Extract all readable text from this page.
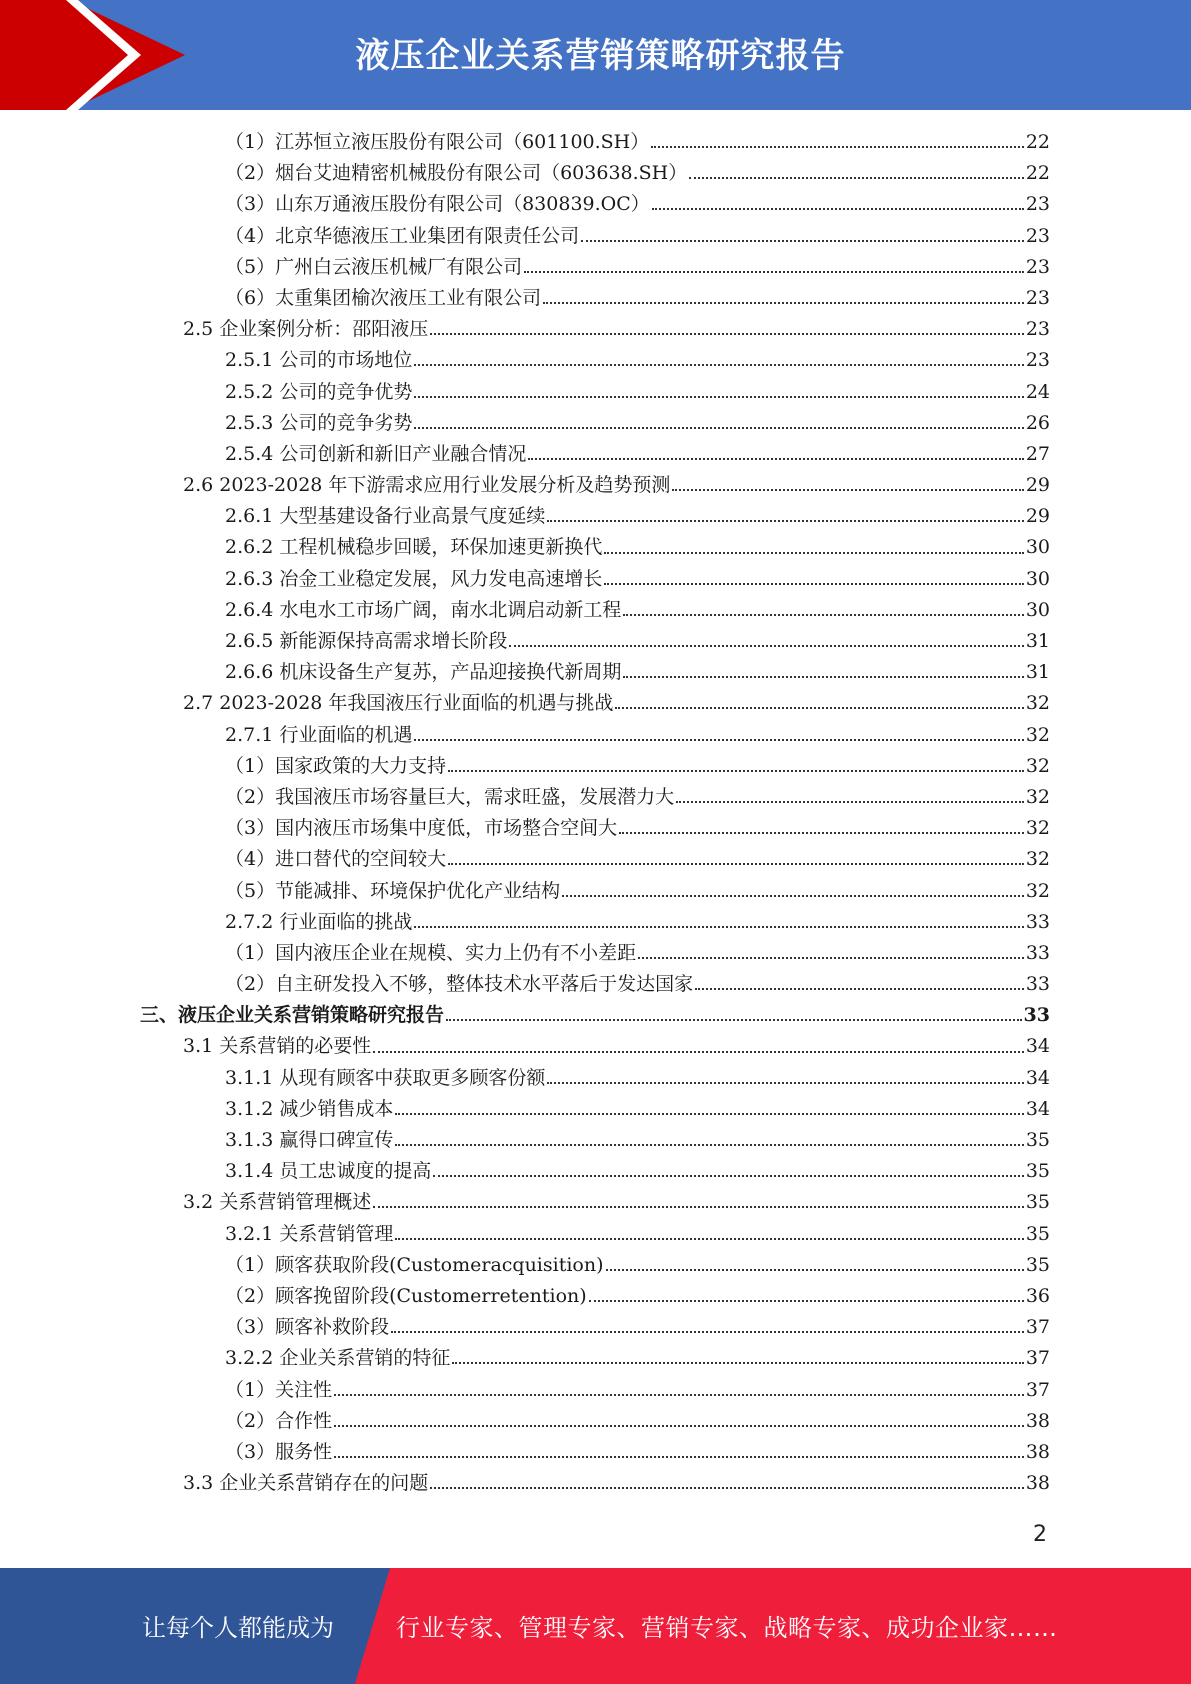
液压企业关系营销策略研究报告
（1）江苏恒立液压股份有限公司（601100.SH）	22
（2）烟台艾迪精密机械股份有限公司（603638.SH）	22
（3）山东万通液压股份有限公司（830839.OC）	23
（4）北京华德液压工业集团有限责任公司	23
（5）广州白云液压机械厂有限公司	23
（6）太重集团榆次液压工业有限公司	23
2.5 企业案例分析：邵阳液压	23
2.5.1 公司的市场地位	23
2.5.2 公司的竞争优势	24
2.5.3 公司的竞争劣势	26
2.5.4 公司创新和新旧产业融合情况	27
2.6 2023-2028 年下游需求应用行业发展分析及趋势预测	29
2.6.1 大型基建设备行业高景气度延续	29
2.6.2 工程机械稳步回暖，环保加速更新换代	30
2.6.3 冶金工业稳定发展，风力发电高速增长	30
2.6.4 水电水工市场广阔，南水北调启动新工程	30
2.6.5 新能源保持高需求增长阶段	31
2.6.6 机床设备生产复苏，产品迎接换代新周期	31
2.7 2023-2028 年我国液压行业面临的机遇与挑战	32
2.7.1 行业面临的机遇	32
（1）国家政策的大力支持	32
（2）我国液压市场容量巨大，需求旺盛，发展潜力大	32
（3）国内液压市场集中度低，市场整合空间大	32
（4）进口替代的空间较大	32
（5）节能减排、环境保护优化产业结构	32
2.7.2 行业面临的挑战	33
（1）国内液压企业在规模、实力上仍有不小差距	33
（2）自主研发投入不够，整体技术水平落后于发达国家	33
三、液压企业关系营销策略研究报告	33
3.1 关系营销的必要性	34
3.1.1 从现有顾客中获取更多顾客份额	34
3.1.2 减少销售成本	34
3.1.3 赢得口碑宣传	35
3.1.4 员工忠诚度的提高	35
3.2 关系营销管理概述	35
3.2.1 关系营销管理	35
（1）顾客获取阶段(Customeracquisition)	35
（2）顾客挽留阶段(Customerretention)	36
（3）顾客补救阶段	37
3.2.2 企业关系营销的特征	37
（1）关注性	37
（2）合作性	38
（3）服务性	38
3.3 企业关系营销存在的问题	38
2
让每个人都能成为	行业专家、管理专家、营销专家、战略专家、成功企业家……
